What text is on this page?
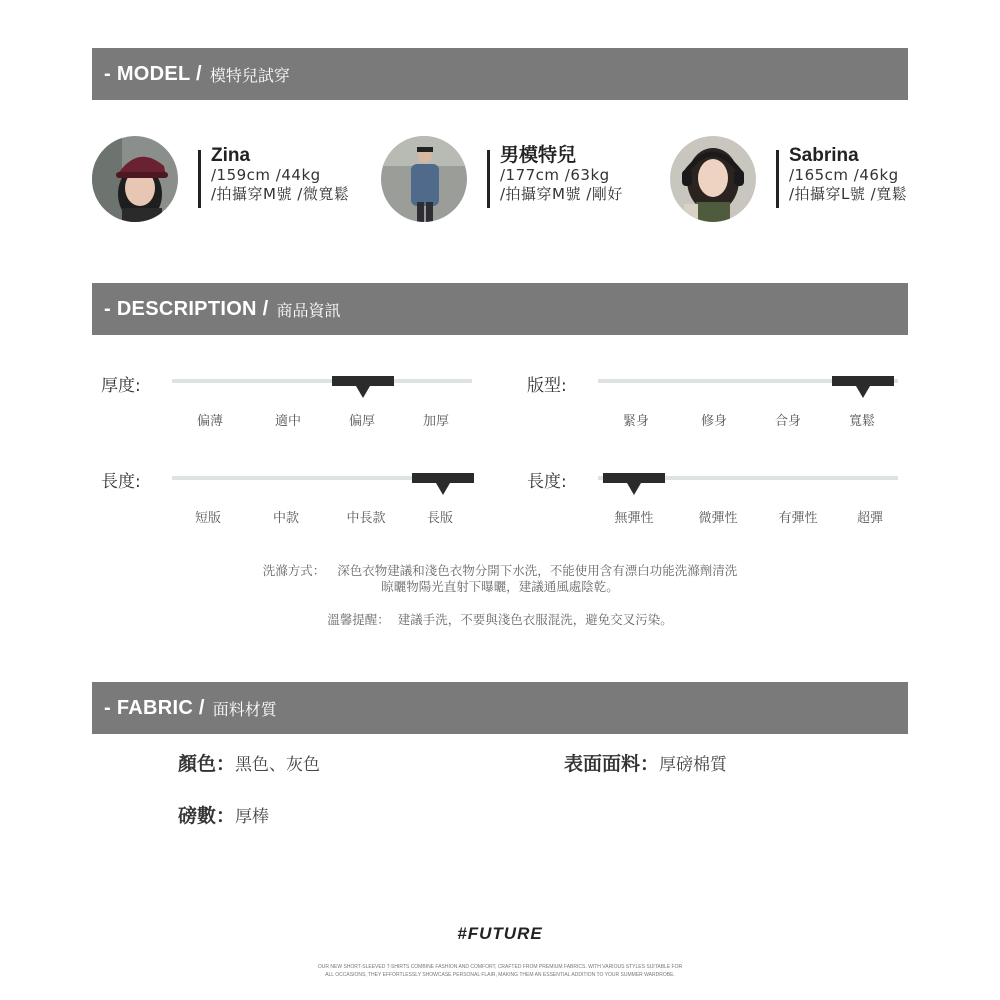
- MODEL / 模特兒試穿
Zina
/159cm /44kg
/拍攝穿M號 /微寬鬆
男模特兒
/177cm /63kg
/拍攝穿M號 /剛好
Sabrina
/165cm /46kg
/拍攝穿L號 /寬鬆
- DESCRIPTION / 商品資訊
厚度:
偏薄	適中	偏厚	加厚
版型:
緊身	修身	合身	寬鬆
長度:
短版	中款	中長款	長版
長度:
無彈性	微彈性	有彈性	超彈
洗滌方式： 深色衣物建議和淺色衣物分開下水洗，不能使用含有漂白功能洗滌劑清洗
晾曬物陽光直射下曝曬，建議通風處陰乾。
溫馨提醒： 建議手洗，不要與淺色衣服混洗，避免交叉污染。
- FABRIC / 面料材質
顏色：黑色、灰色	表面面料：厚磅棉質
磅數：厚棒
#FUTURE
OUR NEW SHORT-SLEEVED T-SHIRTS COMBINE FASHION AND COMFORT, CRAFTED FROM PREMIUM FABRICS. WITH VARIOUS STYLES SUITABLE FOR
ALL OCCASIONS, THEY EFFORTLESSLY SHOWCASE PERSONAL FLAIR, MAKING THEM AN ESSENTIAL ADDITION TO YOUR SUMMER WARDROBE.
